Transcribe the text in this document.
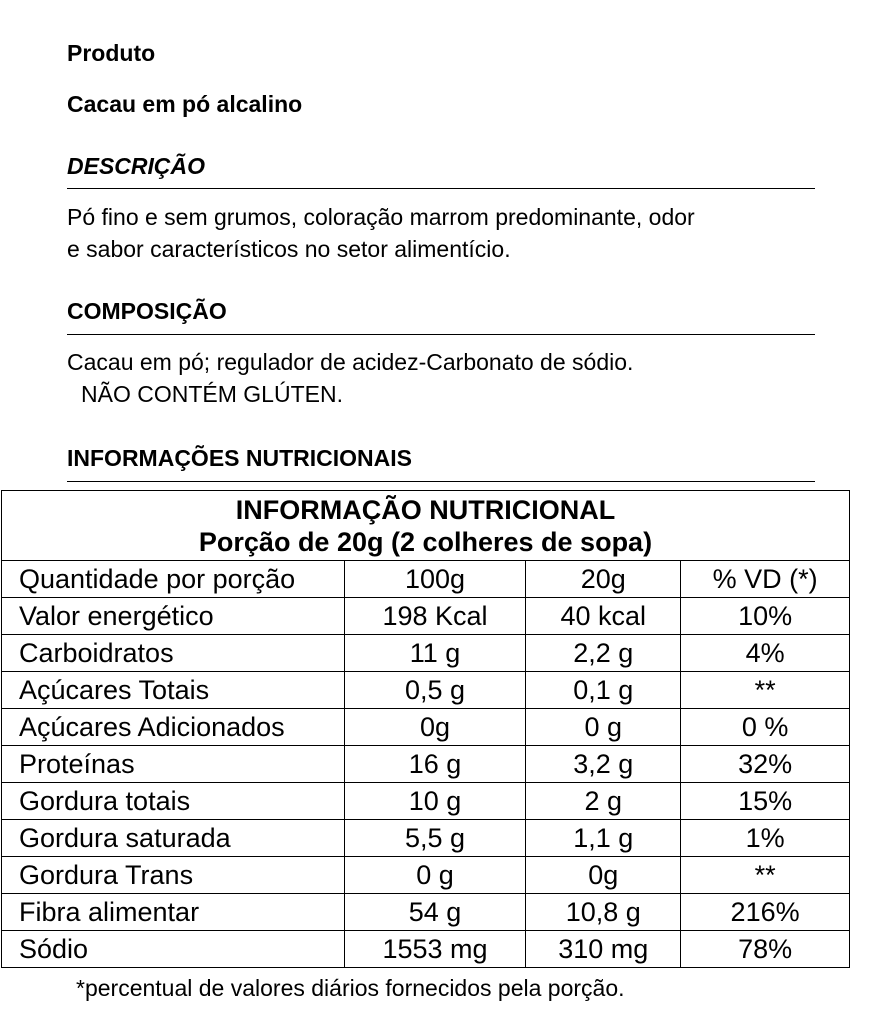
Produto
Cacau em pó alcalino
DESCRIÇÃO
Pó fino e sem grumos, coloração marrom predominante, odor
e sabor característicos no setor alimentício.
COMPOSIÇÃO
Cacau em pó; regulador de acidez-Carbonato de sódio.
NÃO CONTÉM GLÚTEN.
INFORMAÇÕES NUTRICIONAIS
INFORMAÇÃO NUTRICIONAL
Porção de 20g (2 colheres de sopa)			

Quantidade por porção	100g	20g	% VD (*)
Valor energético	198 Kcal	40 kcal	10%
Carboidratos	11 g	2,2 g	4%
Açúcares Totais	0,5 g	0,1 g	**
Açúcares Adicionados	0g	0 g	0 %
Proteínas	16 g	3,2 g	32%
Gordura totais	10 g	2 g	15%
Gordura saturada	5,5 g	1,1 g	1%
Gordura Trans	0 g	0g	**
Fibra alimentar	54 g	10,8 g	216%
Sódio	1553 mg	310 mg	78%
*percentual de valores diários fornecidos pela porção.
